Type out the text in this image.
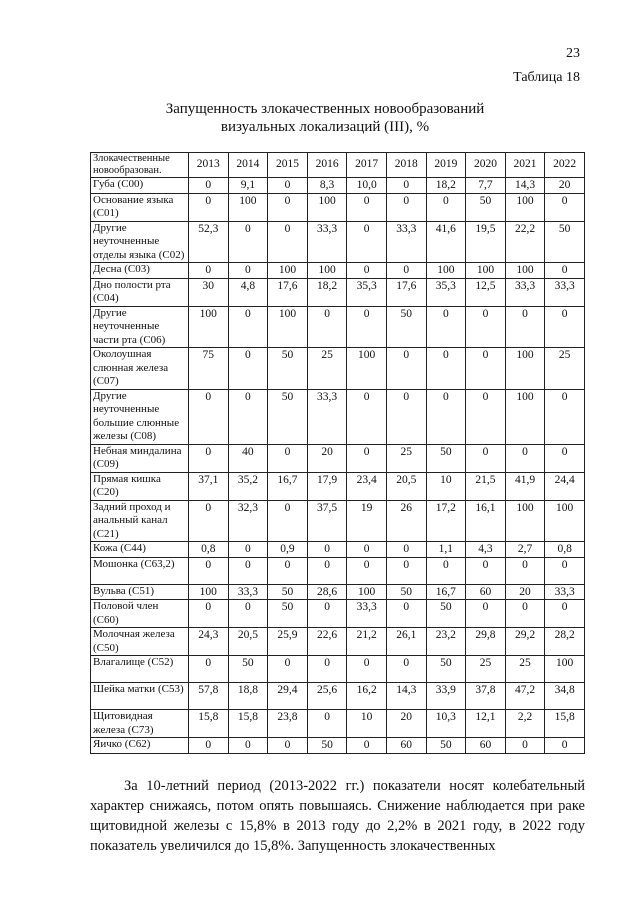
23
Таблица 18
Запущенность злокачественных новообразований
визуальных локализаций (III), %
Злокачественные новообразован.	2013	2014	2015	2016	2017	2018	2019	2020	2021	2022
Губа (С00)	0	9,1	0	8,3	10,0	0	18,2	7,7	14,3	20
Основание языка (С01)	0	100	0	100	0	0	0	50	100	0
Другие неуточненные отделы языка (С02)	52,3	0	0	33,3	0	33,3	41,6	19,5	22,2	50
Десна (С03)	0	0	100	100	0	0	100	100	100	0
Дно полости рта (С04)	30	4,8	17,6	18,2	35,3	17,6	35,3	12,5	33,3	33,3
Другие неуточненные части рта (С06)	100	0	100	0	0	50	0	0	0	0
Околоушная слюнная железа (С07)	75	0	50	25	100	0	0	0	100	25
Другие неуточненные большие слюнные железы (С08)	0	0	50	33,3	0	0	0	0	100	0
Небная миндалина (С09)	0	40	0	20	0	25	50	0	0	0
Прямая кишка (С20)	37,1	35,2	16,7	17,9	23,4	20,5	10	21,5	41,9	24,4
Задний проход и анальный канал (С21)	0	32,3	0	37,5	19	26	17,2	16,1	100	100
Кожа (С44)	0,8	0	0,9	0	0	0	1,1	4,3	2,7	0,8
Мошонка (С63,2)	0	0	0	0	0	0	0	0	0	0
Вульва (С51)	100	33,3	50	28,6	100	50	16,7	60	20	33,3
Половой член (С60)	0	0	50	0	33,3	0	50	0	0	0
Молочная железа (С50)	24,3	20,5	25,9	22,6	21,2	26,1	23,2	29,8	29,2	28,2
Влагалище (С52)	0	50	0	0	0	0	50	25	25	100
Шейка матки (С53)	57,8	18,8	29,4	25,6	16,2	14,3	33,9	37,8	47,2	34,8
Щитовидная железа (С73)	15,8	15,8	23,8	0	10	20	10,3	12,1	2,2	15,8
Яичко (С62)	0	0	0	50	0	60	50	60	0	0
За 10-летний период (2013-2022 гг.) показатели носят колебательный характер снижаясь, потом опять повышаясь. Снижение наблюдается при раке щитовидной железы с 15,8% в 2013 году до 2,2% в 2021 году, в 2022 году показатель увеличился до 15,8%. Запущенность злокачественных
